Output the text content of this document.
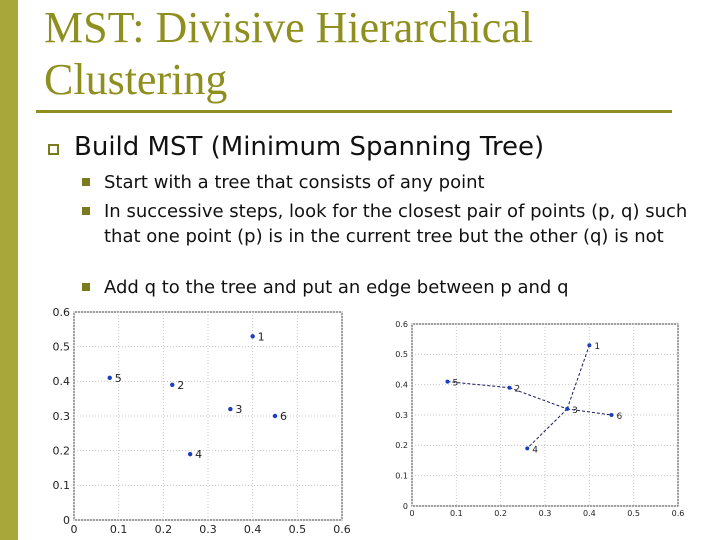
MST: Divisive Hierarchical
Clustering
Build MST (Minimum Spanning Tree)
Start with a tree that consists of any point
In successive steps, look for the closest pair of points (p, q) such that one point (p) is in the current tree but the other (q) is not
Add q to the tree and put an edge between p and q
0	0.1 0.2 0.3 0.4 0.5 0.6
0
0.1
0.2
0.3
0.4
0.5
0.6
1
2
3
4
5
6
0	0.1	0.2	0.3	0.4	0.5	0.6
0
0.1
0.2
0.3
0.4
0.5
0.6
1
2
3
4
5
6
